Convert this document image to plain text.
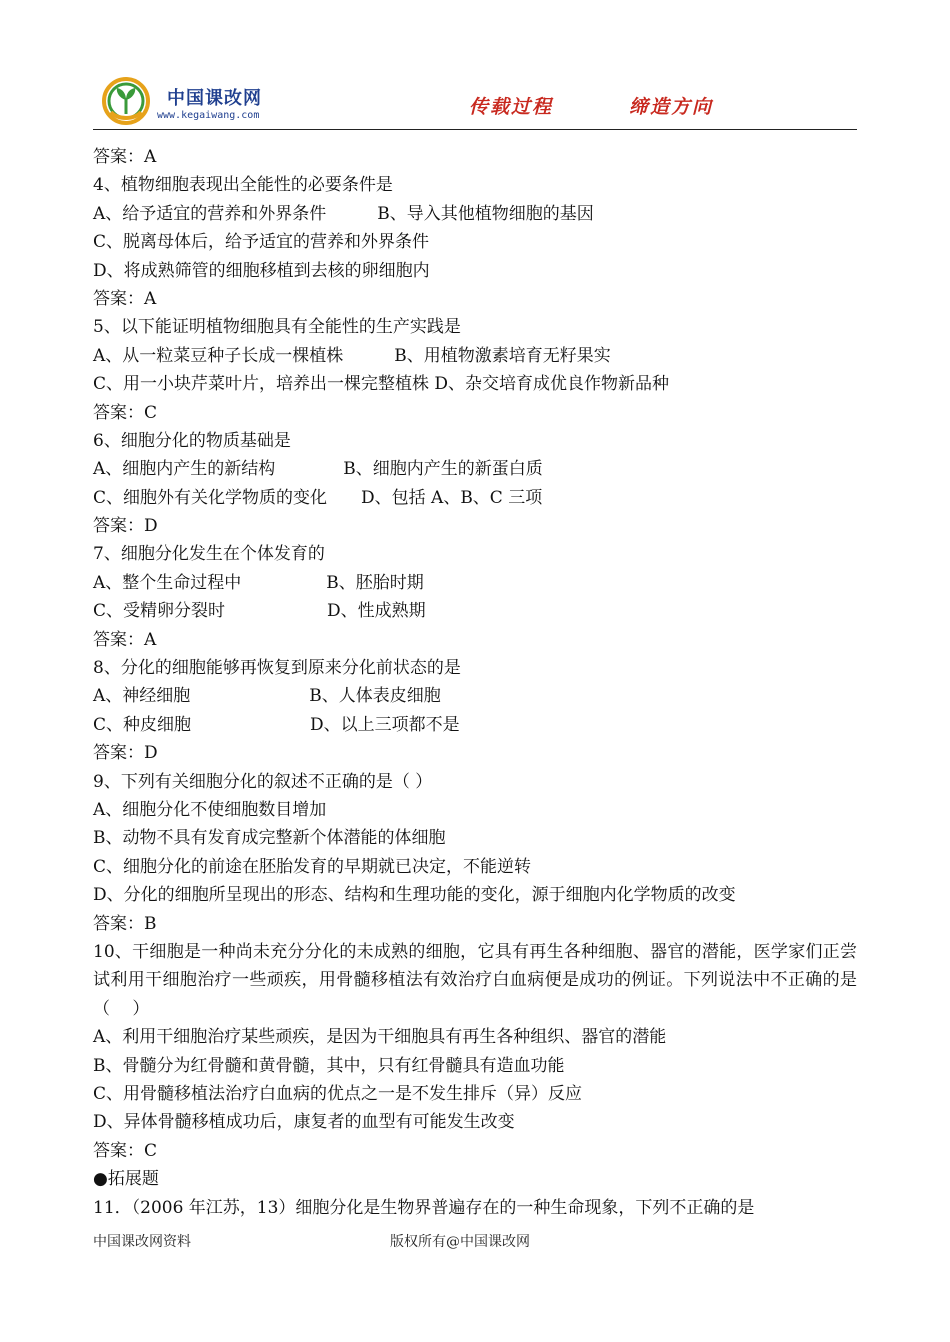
中国课改网
www.kegaiwang.com	传载过程	缔造方向
答案：A
4、植物细胞表现出全能性的必要条件是
A、给予适宜的营养和外界条件　　　B、导入其他植物细胞的基因
C、脱离母体后，给予适宜的营养和外界条件
D、将成熟筛管的细胞移植到去核的卵细胞内
答案：A
5、以下能证明植物细胞具有全能性的生产实践是
A、从一粒菜豆种子长成一棵植株　　　B、用植物激素培育无籽果实
C、用一小块芹菜叶片，培养出一棵完整植株 D、杂交培育成优良作物新品种
答案：C
6、细胞分化的物质基础是
A、细胞内产生的新结构　　　　B、细胞内产生的新蛋白质
C、细胞外有关化学物质的变化　　D、包括 A、B、C 三项
答案：D
7、细胞分化发生在个体发育的
A、整个生命过程中　　　　　B、胚胎时期
C、受精卵分裂时　　　　　　D、性成熟期
答案：A
8、分化的细胞能够再恢复到原来分化前状态的是
A、神经细胞　　　　　　　B、人体表皮细胞
C、种皮细胞　　　　　　　D、以上三项都不是
答案：D
9、下列有关细胞分化的叙述不正确的是（ ）
A、细胞分化不使细胞数目增加
B、动物不具有发育成完整新个体潜能的体细胞
C、细胞分化的前途在胚胎发育的早期就已决定，不能逆转
D、分化的细胞所呈现出的形态、结构和生理功能的变化，源于细胞内化学物质的改变
答案：B
10、干细胞是一种尚未充分分化的未成熟的细胞，它具有再生各种细胞、器官的潜能，医学家们正尝试利用干细胞治疗一些顽疾，用骨髓移植法有效治疗白血病便是成功的例证。下列说法中不正确的是（　 ）
A、利用干细胞治疗某些顽疾，是因为干细胞具有再生各种组织、器官的潜能
B、骨髓分为红骨髓和黄骨髓，其中，只有红骨髓具有造血功能
C、用骨髓移植法治疗白血病的优点之一是不发生排斥（异）反应
D、异体骨髓移植成功后，康复者的血型有可能发生改变
答案：C
●拓展题
11．（2006 年江苏，13）细胞分化是生物界普遍存在的一种生命现象，下列不正确的是
中国课改网资料	版权所有@中国课改网
